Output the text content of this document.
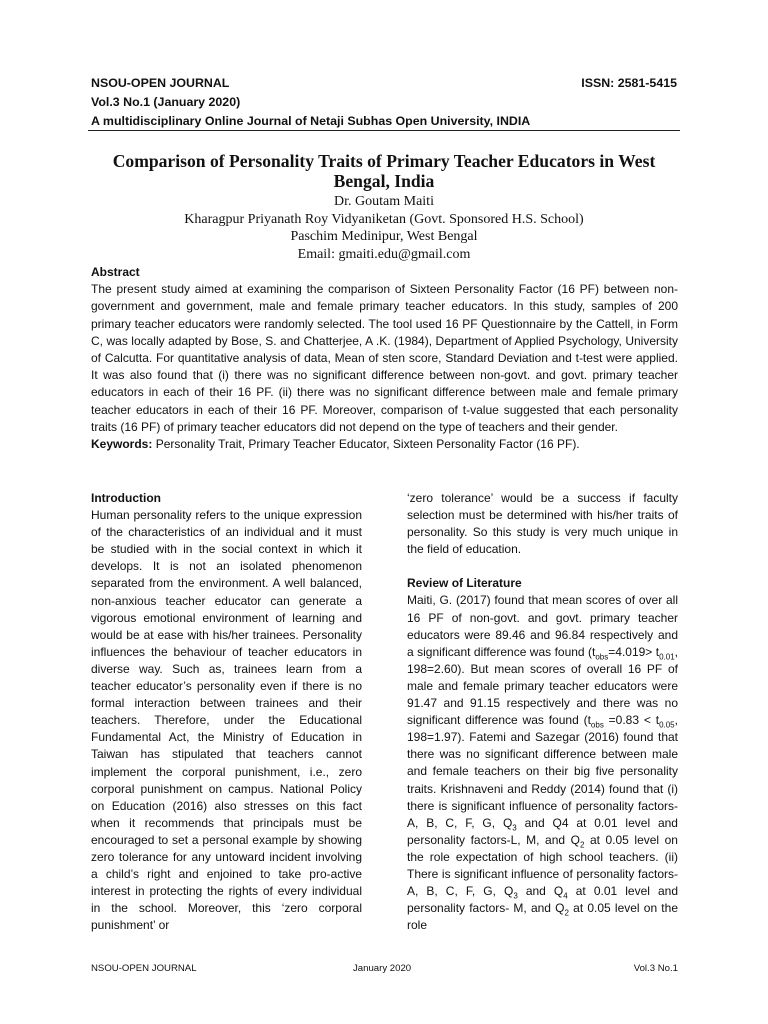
NSOU-OPEN JOURNAL	ISSN: 2581-5415
Vol.3 No.1 (January 2020)
A multidisciplinary Online Journal of Netaji Subhas Open University, INDIA
Comparison of Personality Traits of Primary Teacher Educators in West Bengal, India
Dr. Goutam Maiti
Kharagpur Priyanath Roy Vidyaniketan (Govt. Sponsored H.S. School)
Paschim Medinipur, West Bengal
Email: gmaiti.edu@gmail.com
Abstract

The present study aimed at examining the comparison of Sixteen Personality Factor (16 PF) between non-government and government, male and female primary teacher educators. In this study, samples of 200 primary teacher educators were randomly selected. The tool used 16 PF Questionnaire by the Cattell, in Form C, was locally adapted by Bose, S. and Chatterjee, A .K. (1984), Department of Applied Psychology, University of Calcutta. For quantitative analysis of data, Mean of sten score, Standard Deviation and t-test were applied. It was also found that (i) there was no significant difference between non-govt. and govt. primary teacher educators in each of their 16 PF. (ii) there was no significant difference between male and female primary teacher educators in each of their 16 PF. Moreover, comparison of t-value suggested that each personality traits (16 PF) of primary teacher educators did not depend on the type of teachers and their gender.

Keywords: Personality Trait, Primary Teacher Educator, Sixteen Personality Factor (16 PF).

Introduction

Human personality refers to the unique expression of the characteristics of an individual and it must be studied with in the social context in which it develops. It is not an isolated phenomenon separated from the environment. A well balanced, non-anxious teacher educator can generate a vigorous emotional environment of learning and would be at ease with his/her trainees. Personality influences the behaviour of teacher educators in diverse way. Such as, trainees learn from a teacher educator’s personality even if there is no formal interaction between trainees and their teachers. Therefore, under the Educational Fundamental Act, the Ministry of Education in Taiwan has stipulated that teachers cannot implement the corporal punishment, i.e., zero corporal punishment on campus. National Policy on Education (2016) also stresses on this fact when it recommends that principals must be encouraged to set a personal example by showing zero tolerance for any untoward incident involving a child’s right and enjoined to take pro-active interest in protecting the rights of every individual in the school. Moreover, this ‘zero corporal punishment’ or

‘zero tolerance’ would be a success if faculty selection must be determined with his/her traits of personality. So this study is very much unique in the field of education.

Review of Literature

Maiti, G. (2017) found that mean scores of over all 16 PF of non-govt. and govt. primary teacher educators were 89.46 and 96.84 respectively and a significant difference was found ($t_{obs}=4.019> t_{0.01}$, 198=2.60). But mean scores of overall 16 PF of male and female primary teacher educators were 91.47 and 91.15 respectively and there was no significant difference was found ($t_{obs} =0.83 < t_{0.05}$, 198=1.97). Fatemi and Sazegar (2016) found that there was no significant difference between male and female teachers on their big five personality traits. Krishnaveni and Reddy (2014) found that (i) there is significant influence of personality factors- A, B, C, F, G, $Q_3$ and Q4 at 0.01 level and personality factors-L, M, and $Q_2$ at 0.05 level on the role expectation of high school teachers. (ii) There is significant influence of personality factors- A, B, C, F, G, $Q_3$ and $Q_4$ at 0.01 level and personality factors- M, and $Q_2$ at 0.05 level on the role

NSOU-OPEN JOURNAL	January 2020	Vol.3 No.1
